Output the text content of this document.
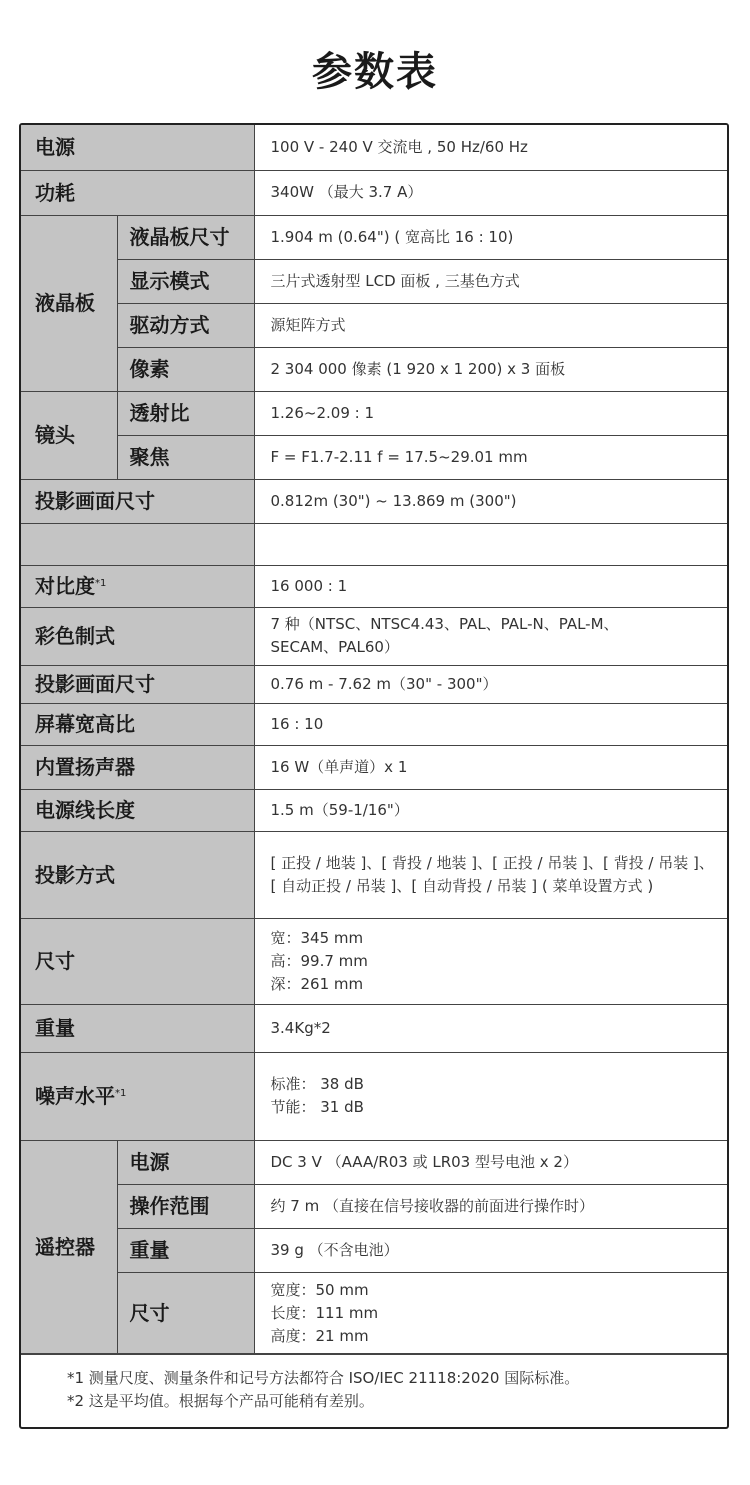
参数表
电源		100 V - 240 V 交流电 , 50 Hz/60 Hz
功耗		340W （最大 3.7 A）
液晶板	液晶板尺寸	1.904 m (0.64") ( 宽高比 16 : 10)
	显示模式	三片式透射型 LCD 面板 , 三基色方式
	驱动方式	源矩阵方式
	像素	2 304 000 像素 (1 920 x 1 200) x 3 面板
镜头	透射比	1.26~2.09 : 1
	聚焦	F = F1.7-2.11 f = 17.5~29.01 mm
投影画面尺寸		0.812m (30") ~ 13.869 m (300")

对比度$^{*1}$		16 000 : 1
彩色制式		7 种（NTSC、NTSC4.43、PAL、PAL-N、PAL-M、
SECAM、PAL60）

投影画面尺寸		0.76 m - 7.62 m（30" - 300"）
屏幕宽高比		16 : 10
内置扬声器		16 W（单声道）x 1
电源线长度		1.5 m（59-1/16"）
投影方式		[ 正投 / 地装 ]、[ 背投 / 地装 ]、[ 正投 / 吊装 ]、[ 背投 / 吊装 ]、
[ 自动正投 / 吊装 ]、[ 自动背投 / 吊装 ] ( 菜单设置方式 )

尺寸		宽：345 mm
高：99.7 mm
深：261 mm

重量		3.4Kg*2
噪声水平$^{*1}$		标准： 38 dB
节能： 31 dB

遥控器	电源	DC 3 V （AAA/R03 或 LR03 型号电池 x 2）
	操作范围	约 7 m （直接在信号接收器的前面进行操作时）
	重量	39 g （不含电池）
	尺寸	宽度：50 mm
长度：111 mm
高度：21 mm
*1 测量尺度、测量条件和记号方法都符合 ISO/IEC 21118:2020 国际标准。
*2 这是平均值。根据每个产品可能稍有差别。
